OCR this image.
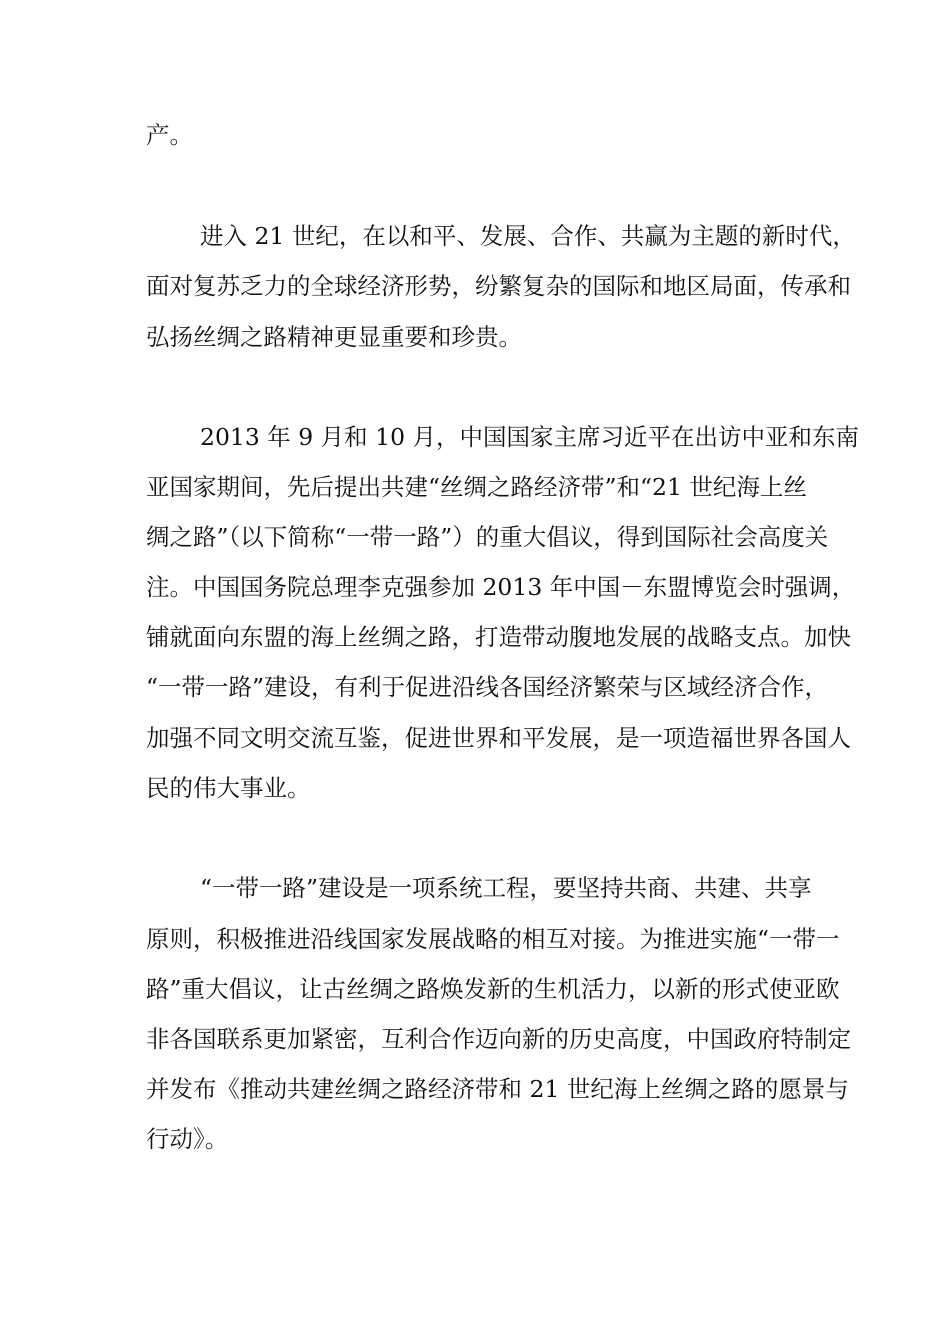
产。
进入 21 世纪，在以和平、发展、合作、共赢为主题的新时代，
面对复苏乏力的全球经济形势，纷繁复杂的国际和地区局面，传承和
弘扬丝绸之路精神更显重要和珍贵。
2013 年 9 月和 10 月，中国国家主席习近平在出访中亚和东南
亚国家期间，先后提出共建“丝绸之路经济带”和“21 世纪海上丝
绸之路”（以下简称“一带一路”）的重大倡议，得到国际社会高度关
注。中国国务院总理李克强参加 2013 年中国－东盟博览会时强调，
铺就面向东盟的海上丝绸之路，打造带动腹地发展的战略支点。加快
“一带一路”建设，有利于促进沿线各国经济繁荣与区域经济合作，
加强不同文明交流互鉴，促进世界和平发展，是一项造福世界各国人
民的伟大事业。
“一带一路”建设是一项系统工程，要坚持共商、共建、共享
原则，积极推进沿线国家发展战略的相互对接。为推进实施“一带一
路”重大倡议，让古丝绸之路焕发新的生机活力，以新的形式使亚欧
非各国联系更加紧密，互利合作迈向新的历史高度，中国政府特制定
并发布《推动共建丝绸之路经济带和 21 世纪海上丝绸之路的愿景与
行动》。
